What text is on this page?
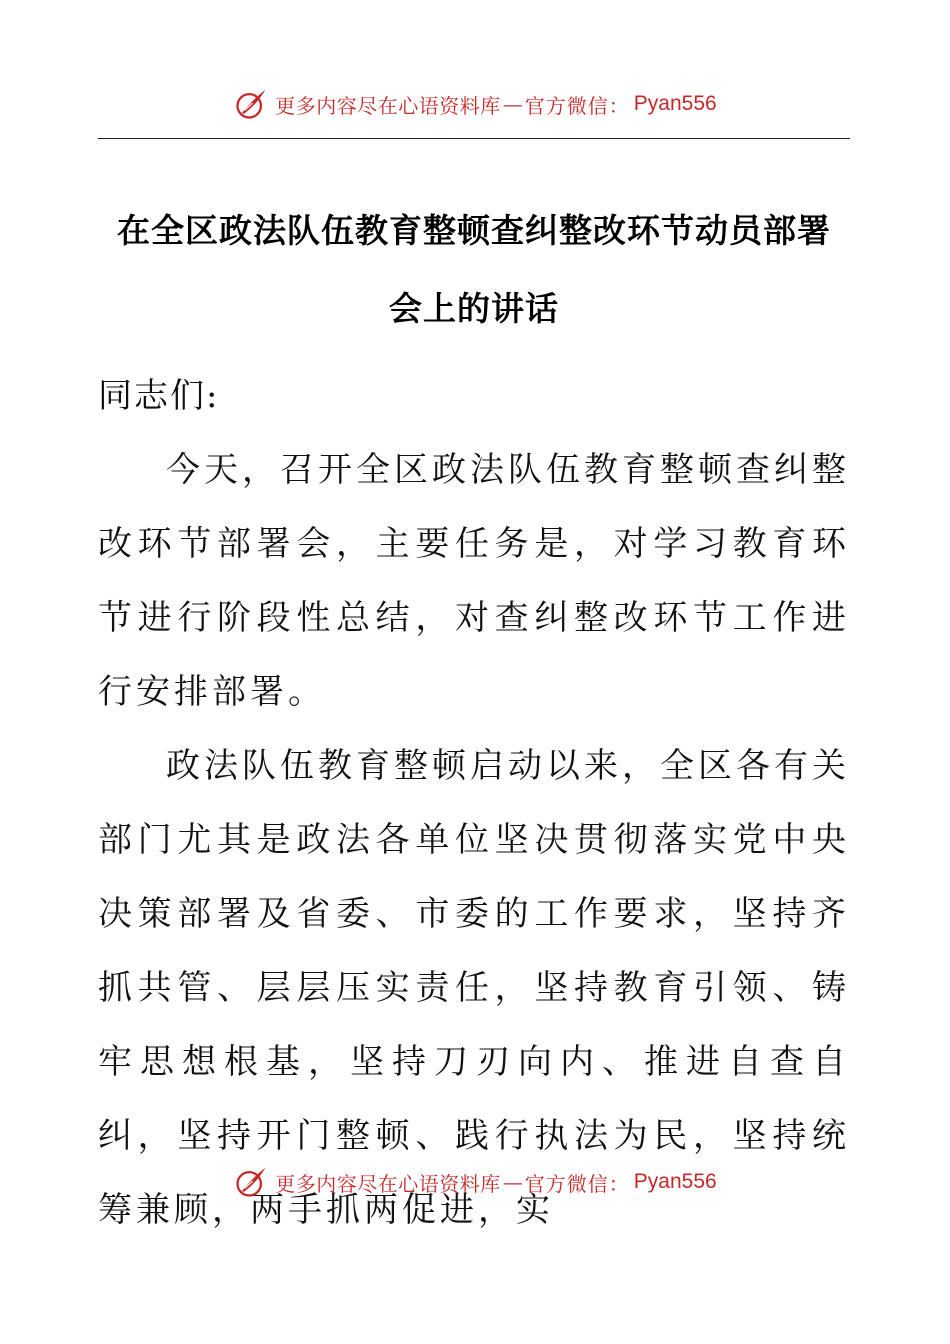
更多内容尽在心语资料库 — 官方微信： Pyan556
在全区政法队伍教育整顿查纠整改环节动员部署
会上的讲话
同志们:

今天，召开全区政法队伍教育整顿查纠整改环节部署会，主要任务是，对学习教育环节进行阶段性总结，对查纠整改环节工作进行安排部署。

政法队伍教育整顿启动以来，全区各有关部门尤其是政法各单位坚决贯彻落实党中央决策部署及省委、市委的工作要求，坚持齐抓共管、层层压实责任，坚持教育引领、铸牢思想根基，坚持刀刃向内、推进自查自纠，坚持开门整顿、践行执法为民，坚持统筹兼顾，两手抓两促进，实

更多内容尽在心语资料库 — 官方微信： Pyan556
